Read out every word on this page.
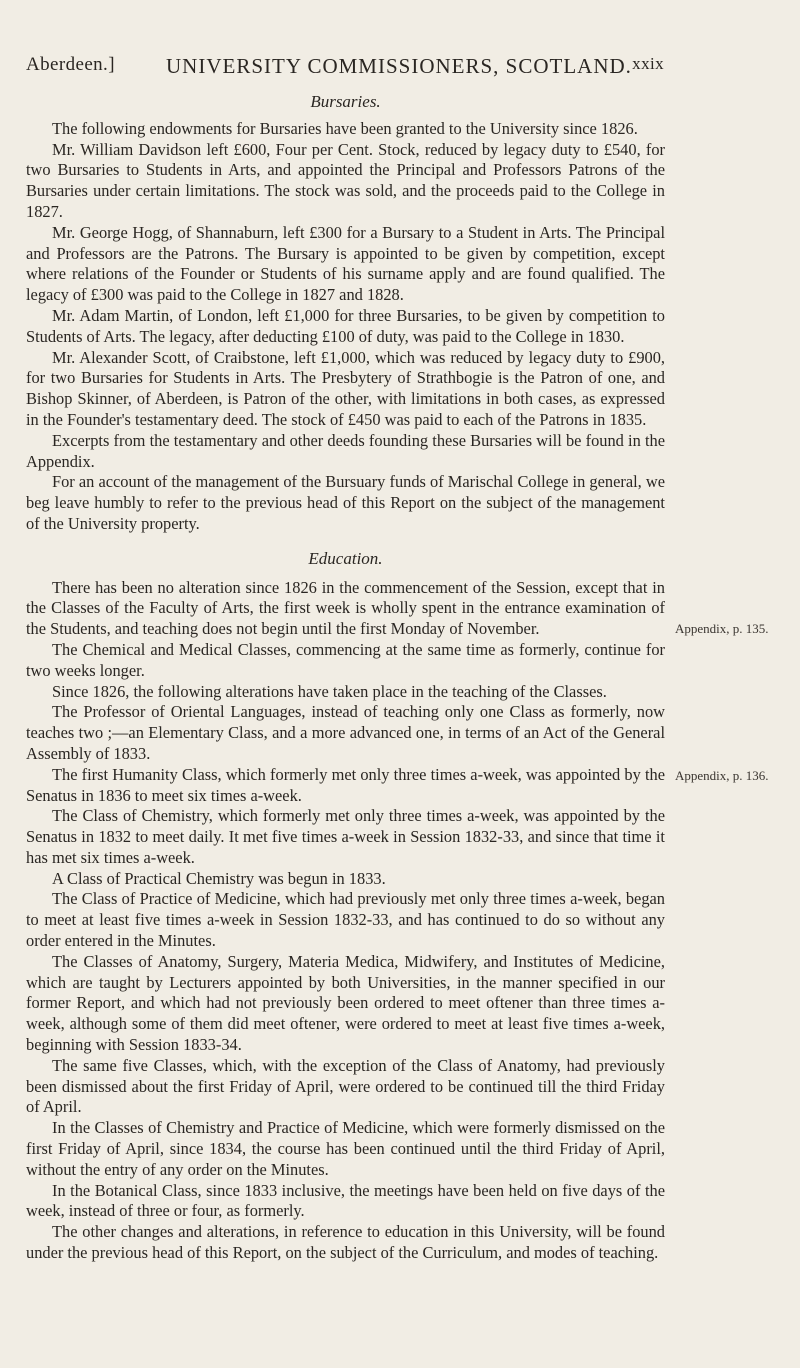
Aberdeen.] UNIVERSITY COMMISSIONERS, SCOTLAND. xxix
Bursaries.

The following endowments for Bursaries have been granted to the University since 1826.

Mr. William Davidson left £600, Four per Cent. Stock, reduced by legacy duty to £540, for two Bursaries to Students in Arts, and appointed the Principal and Professors Patrons of the Bursaries under certain limitations. The stock was sold, and the proceeds paid to the College in 1827.

Mr. George Hogg, of Shannaburn, left £300 for a Bursary to a Student in Arts. The Principal and Professors are the Patrons. The Bursary is appointed to be given by competition, except where relations of the Founder or Students of his surname apply and are found qualified. The legacy of £300 was paid to the College in 1827 and 1828.

Mr. Adam Martin, of London, left £1,000 for three Bursaries, to be given by competition to Students of Arts. The legacy, after deducting £100 of duty, was paid to the College in 1830.

Mr. Alexander Scott, of Craibstone, left £1,000, which was reduced by legacy duty to £900, for two Bursaries for Students in Arts. The Presbytery of Strathbogie is the Patron of one, and Bishop Skinner, of Aberdeen, is Patron of the other, with limitations in both cases, as expressed in the Founder's testamentary deed. The stock of £450 was paid to each of the Patrons in 1835.

Excerpts from the testamentary and other deeds founding these Bursaries will be found in the Appendix.

For an account of the management of the Bursuary funds of Marischal College in general, we beg leave humbly to refer to the previous head of this Report on the subject of the management of the University property.

Education.

There has been no alteration since 1826 in the commencement of the Session, except that in the Classes of the Faculty of Arts, the first week is wholly spent in the entrance examination of the Students, and teaching does not begin until the first Monday of November.

The Chemical and Medical Classes, commencing at the same time as formerly, continue for two weeks longer.

Since 1826, the following alterations have taken place in the teaching of the Classes.

The Professor of Oriental Languages, instead of teaching only one Class as formerly, now teaches two ;—an Elementary Class, and a more advanced one, in terms of an Act of the General Assembly of 1833.

The first Humanity Class, which formerly met only three times a-week, was appointed by the Senatus in 1836 to meet six times a-week.

The Class of Chemistry, which formerly met only three times a-week, was appointed by the Senatus in 1832 to meet daily. It met five times a-week in Session 1832-33, and since that time it has met six times a-week.

A Class of Practical Chemistry was begun in 1833.

The Class of Practice of Medicine, which had previously met only three times a-week, began to meet at least five times a-week in Session 1832-33, and has continued to do so without any order entered in the Minutes.

The Classes of Anatomy, Surgery, Materia Medica, Midwifery, and Institutes of Medicine, which are taught by Lecturers appointed by both Universities, in the manner specified in our former Report, and which had not previously been ordered to meet oftener than three times a-week, although some of them did meet oftener, were ordered to meet at least five times a-week, beginning with Session 1833-34.

The same five Classes, which, with the exception of the Class of Anatomy, had previously been dismissed about the first Friday of April, were ordered to be continued till the third Friday of April.

In the Classes of Chemistry and Practice of Medicine, which were formerly dismissed on the first Friday of April, since 1834, the course has been continued until the third Friday of April, without the entry of any order on the Minutes.

In the Botanical Class, since 1833 inclusive, the meetings have been held on five days of the week, instead of three or four, as formerly.

The other changes and alterations, in reference to education in this University, will be found under the previous head of this Report, on the subject of the Curriculum, and modes of teaching.

Appendix, p. 135.
Appendix, p. 136.
